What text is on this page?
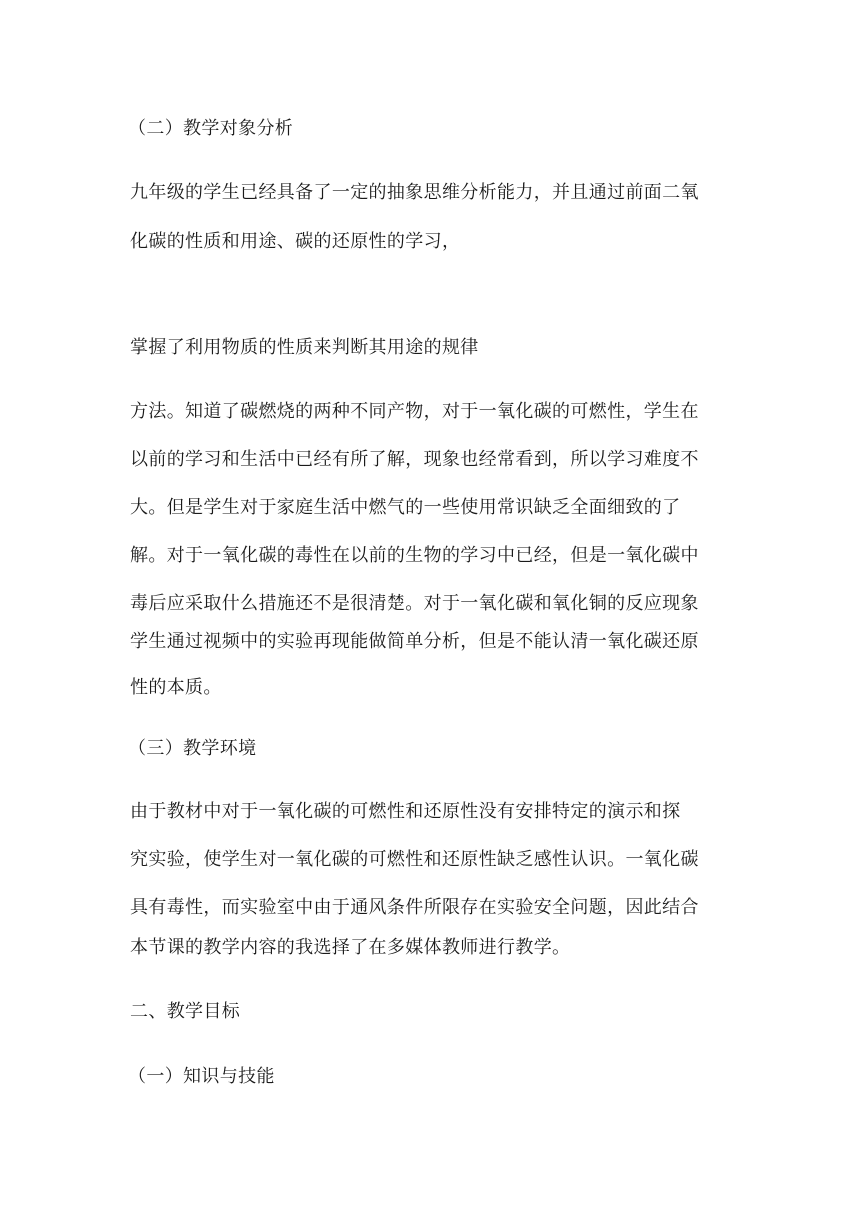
（二）教学对象分析
九年级的学生已经具备了一定的抽象思维分析能力，并且通过前面二氧
化碳的性质和用途、碳的还原性的学习，
掌握了利用物质的性质来判断其用途的规律
方法。知道了碳燃烧的两种不同产物，对于一氧化碳的可燃性，学生在
以前的学习和生活中已经有所了解，现象也经常看到，所以学习难度不
大。但是学生对于家庭生活中燃气的一些使用常识缺乏全面细致的了
解。对于一氧化碳的毒性在以前的生物的学习中已经，但是一氧化碳中
毒后应采取什么措施还不是很清楚。对于一氧化碳和氧化铜的反应现象
学生通过视频中的实验再现能做简单分析，但是不能认清一氧化碳还原
性的本质。
（三）教学环境
由于教材中对于一氧化碳的可燃性和还原性没有安排特定的演示和探
究实验，使学生对一氧化碳的可燃性和还原性缺乏感性认识。一氧化碳
具有毒性，而实验室中由于通风条件所限存在实验安全问题，因此结合
本节课的教学内容的我选择了在多媒体教师进行教学。
二、教学目标
（一）知识与技能
